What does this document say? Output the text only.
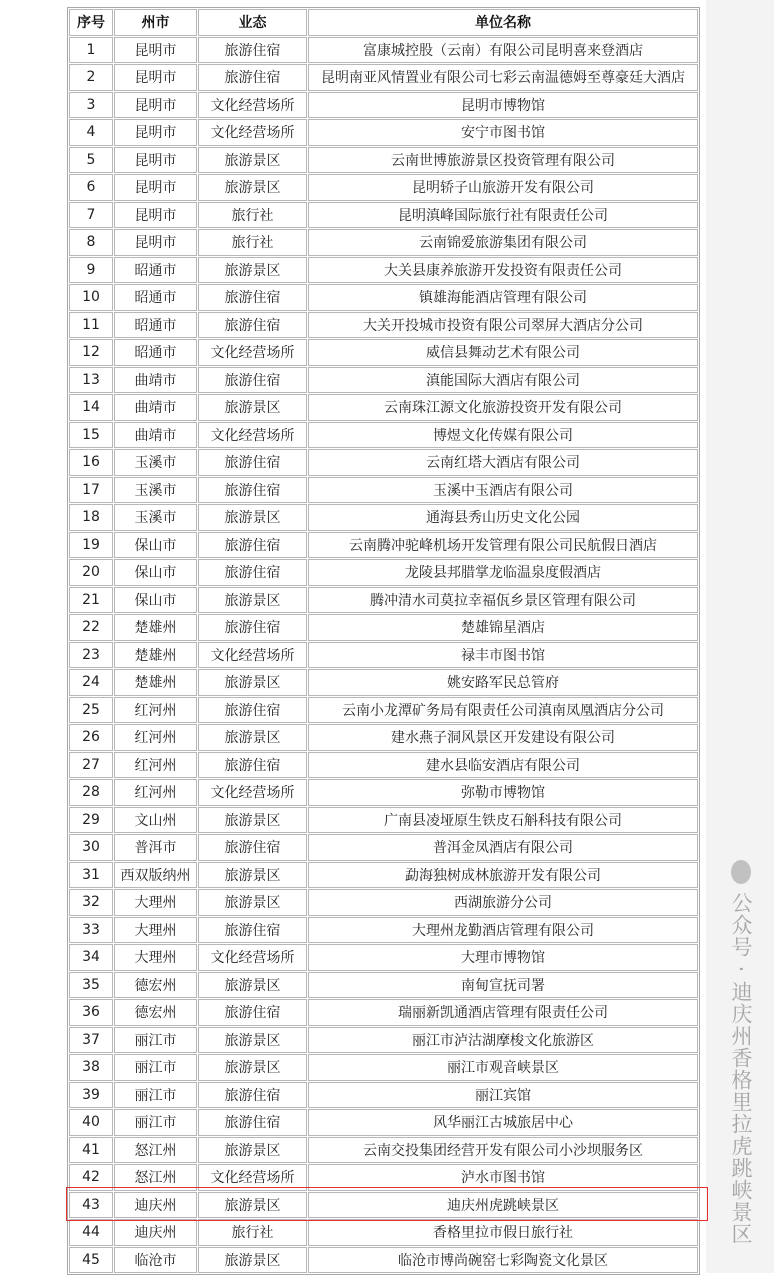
序号	州市	业态	单位名称
1	昆明市	旅游住宿	富康城控股（云南）有限公司昆明喜来登酒店
2	昆明市	旅游住宿	昆明南亚风情置业有限公司七彩云南温德姆至尊豪廷大酒店
3	昆明市	文化经营场所	昆明市博物馆
4	昆明市	文化经营场所	安宁市图书馆
5	昆明市	旅游景区	云南世博旅游景区投资管理有限公司
6	昆明市	旅游景区	昆明轿子山旅游开发有限公司
7	昆明市	旅行社	昆明滇峰国际旅行社有限责任公司
8	昆明市	旅行社	云南锦爱旅游集团有限公司
9	昭通市	旅游景区	大关县康养旅游开发投资有限责任公司
10	昭通市	旅游住宿	镇雄海能酒店管理有限公司
11	昭通市	旅游住宿	大关开投城市投资有限公司翠屏大酒店分公司
12	昭通市	文化经营场所	威信县舞动艺术有限公司
13	曲靖市	旅游住宿	滇能国际大酒店有限公司
14	曲靖市	旅游景区	云南珠江源文化旅游投资开发有限公司
15	曲靖市	文化经营场所	博煜文化传媒有限公司
16	玉溪市	旅游住宿	云南红塔大酒店有限公司
17	玉溪市	旅游住宿	玉溪中玉酒店有限公司
18	玉溪市	旅游景区	通海县秀山历史文化公园
19	保山市	旅游住宿	云南腾冲驼峰机场开发管理有限公司民航假日酒店
20	保山市	旅游住宿	龙陵县邦腊掌龙临温泉度假酒店
21	保山市	旅游景区	腾冲清水司莫拉幸福佤乡景区管理有限公司
22	楚雄州	旅游住宿	楚雄锦星酒店
23	楚雄州	文化经营场所	禄丰市图书馆
24	楚雄州	旅游景区	姚安路军民总管府
25	红河州	旅游住宿	云南小龙潭矿务局有限责任公司滇南凤凰酒店分公司
26	红河州	旅游景区	建水燕子洞风景区开发建设有限公司
27	红河州	旅游住宿	建水县临安酒店有限公司
28	红河州	文化经营场所	弥勒市博物馆
29	文山州	旅游景区	广南县凌垭原生铁皮石斛科技有限公司
30	普洱市	旅游住宿	普洱金凤酒店有限公司
31	西双版纳州	旅游景区	勐海独树成林旅游开发有限公司
32	大理州	旅游景区	西湖旅游分公司
33	大理州	旅游住宿	大理州龙勤酒店管理有限公司
34	大理州	文化经营场所	大理市博物馆
35	德宏州	旅游景区	南甸宣抚司署
36	德宏州	旅游住宿	瑞丽新凯通酒店管理有限责任公司
37	丽江市	旅游景区	丽江市泸沽湖摩梭文化旅游区
38	丽江市	旅游景区	丽江市观音峡景区
39	丽江市	旅游住宿	丽江宾馆
40	丽江市	旅游住宿	风华丽江古城旅居中心
41	怒江州	旅游景区	云南交投集团经营开发有限公司小沙坝服务区
42	怒江州	文化经营场所	泸水市图书馆
43	迪庆州	旅游景区	迪庆州虎跳峡景区
44	迪庆州	旅行社	香格里拉市假日旅行社
45	临沧市	旅游景区	临沧市博尚碗窑七彩陶瓷文化景区
公众号 · 迪庆州香格里拉虎跳峡景区
